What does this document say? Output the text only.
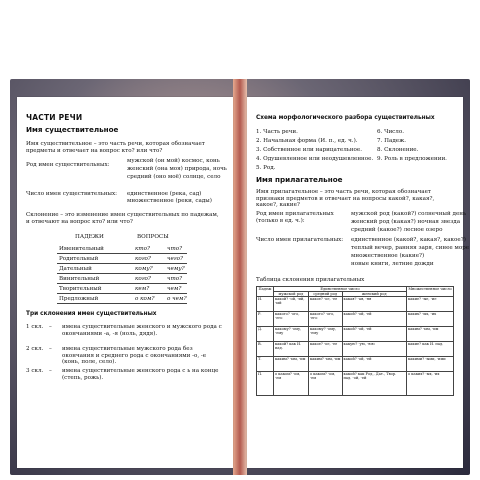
ЧАСТИ РЕЧИ
Имя существительное
Имя существительное – это часть речи, которая обозначает предметы и отвечает на вопрос кто? или что?
Род имен существительных:
мужской (он мой) космос, конь
женский (она моя) природа, ночь
средний (оно моё) солнце, село
Число имен существительных: единственное (река, сад)
множественное (реки, сады)
Склонение – это изменение имен существительных по падежам, и отвечают на вопрос кто? или что?
ПАДЕЖИ	ВОПРОСЫ
Именительный	кто?	что?
Родительный	кого?	чего?
Дательный	кому?	чему?
Винительный	кого?	что?
Творительный	кем?	чем?
Предложный	о ком? о чем?
Три склонения имен существительных
1 скл. – имена существительные женского и мужского рода с окончаниями -а, -я (ноль, дядя).
2 скл. – имена существительные мужского рода без окончания и среднего рода с окончаниями -о, -е (конь, поле, село).
3 скл. – имена существительные женского рода с ь на конце (степь, рожь).
Схема морфологического разбора существительных
1. Часть речи.
2. Начальная форма (И. п., ед. ч.).
3. Собственное или нарицательное.
4. Одушевленное или неодушевленное.
5. Род.
6. Число.
7. Падеж.
8. Склонение.
9. Роль в предложении.
Имя прилагательное
Имя прилагательное – это часть речи, которая обозначает признаки предметов и отвечает на вопросы какой?, какая?, какое?, какие?
Род имен прилагательных (только в ед. ч.):
мужской род (какой?) солнечный день
женский род (какая?) ночная звезда
средний (какое?) лесное озеро
Число имен прилагательных: единственное (какой?, какая?, какое?)
теплый вечер, ранняя заря, синее море
множественное (какие?)
новые книги, летние дожди
Таблица склонения прилагательных
Падеж	Единственное число			Множественное число
	мужской род	средний род	женский род	
И.	какой? -ой, -ий, -ый	какое? -ое, -ее	какая? -ая, -яя	какие? -ые, -ие
Р.	какого? -ого, -его	какого? -ого, -его	какой? -ой, -ей	каких? -ых, -их
Д.	какому? -ому, -ему	какому? -ому, -ему	какой? -ой, -ей	каким? -ым, -им
В.	какой? как И. пад.	какое? -ое, -ее	какую? -ую, -юю	какие? как И. пад.
Т.	каким? -ым, -им	каким? -ым, -им	какой? -ой, -ей	какими? -ыми, -ими
П.	о каком? -ом, -ем	о каком? -ом, -ем	какой? как Род., Дат., Твор. пад. -ой, -ей	о каких? -ых, -их
